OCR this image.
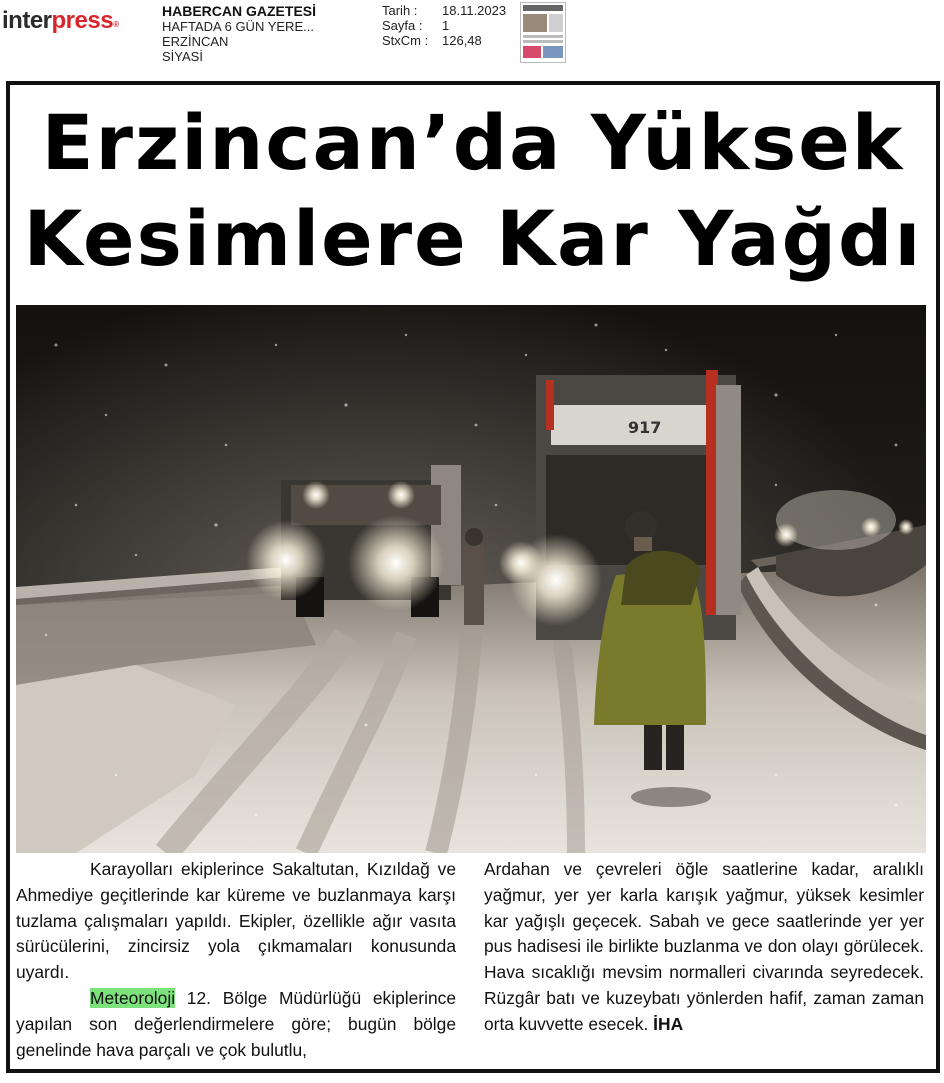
interpress®
HABERCAN GAZETESİ
HAFTADA 6 GÜN YERE...
ERZİNCAN
SİYASİ
Tarih :	18.11.2023
Sayfa :	1
StxCm :	126,48
Erzincan’da Yüksek
Kesimlere Kar Yağdı
917

Karayolları ekiplerince Sakaltutan, Kızıldağ ve Ahmediye geçitlerinde kar küreme ve buzlanmaya karşı tuzlama çalışmaları yapıldı. Ekipler, özellikle ağır vasıta sürücülerini, zincirsiz yola çıkmamaları konusunda uyardı.

Meteoroloji 12. Bölge Müdürlüğü ekiplerince yapılan son değerlendirmelere göre; bugün bölge genelinde hava parçalı ve çok bulutlu,

Ardahan ve çevreleri öğle saatlerine kadar, aralıklı yağmur, yer yer karla karışık yağmur, yüksek kesimler kar yağışlı geçecek. Sabah ve gece saatlerinde yer yer pus hadisesi ile birlikte buzlanma ve don olayı görülecek. Hava sıcaklığı mevsim normalleri civarında seyredecek. Rüzgâr batı ve kuzeybatı yönlerden hafif, zaman zaman orta kuvvette esecek. İHA
